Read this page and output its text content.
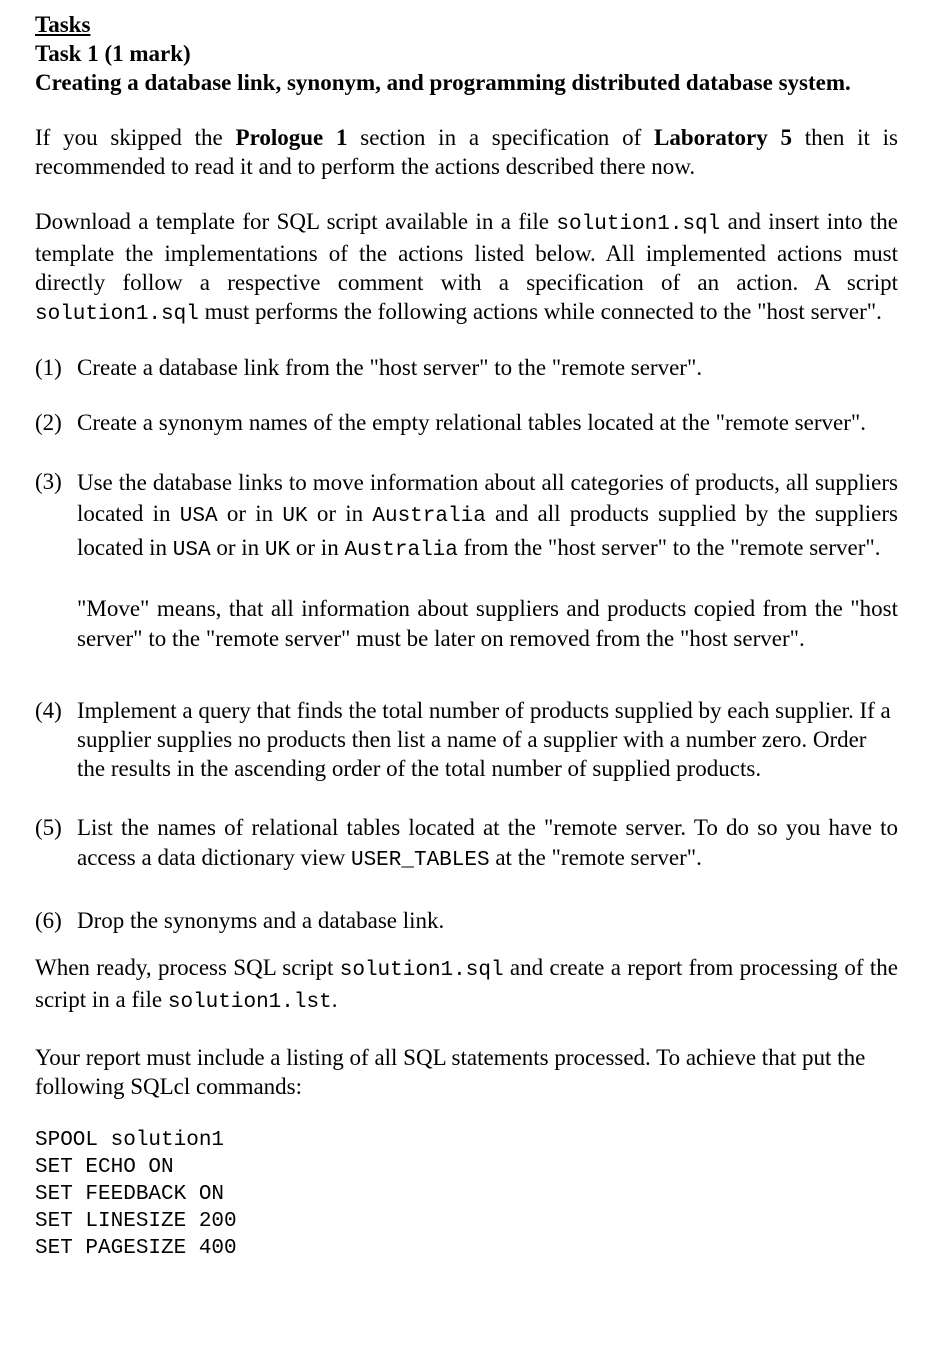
Tasks
Task 1 (1 mark)
Creating a database link, synonym, and programming distributed database system.

If you skipped the Prologue 1 section in a specification of Laboratory 5 then it is recommended to read it and to perform the actions described there now.

Download a template for SQL script available in a file solution1.sql and insert into the template the implementations of the actions listed below. All implemented actions must directly follow a respective comment with a specification of an action. A script solution1.sql must performs the following actions while connected to the "host server".

(1) Create a database link from the "host server" to the "remote server".
(2) Create a synonym names of the empty relational tables located at the "remote server".
(3) Use the database links to move information about all categories of products, all suppliers located in USA or in UK or in Australia and all products supplied by the suppliers located in USA or in UK or in Australia from the "host server" to the "remote server".

"Move" means, that all information about suppliers and products copied from the "host server" to the "remote server" must be later on removed from the "host server".

(4) Implement a query that finds the total number of products supplied by each supplier. If a supplier supplies no products then list a name of a supplier with a number zero. Order the results in the ascending order of the total number of supplied products.

(5) List the names of relational tables located at the "remote server. To do so you have to access a data dictionary view USER_TABLES at the "remote server".

(6) Drop the synonyms and a database link.

When ready, process SQL script solution1.sql and create a report from processing of the script in a file solution1.lst.

Your report must include a listing of all SQL statements processed. To achieve that put the following SQLcl commands:

SPOOL solution1
SET ECHO ON
SET FEEDBACK ON
SET LINESIZE 200
SET PAGESIZE 400
